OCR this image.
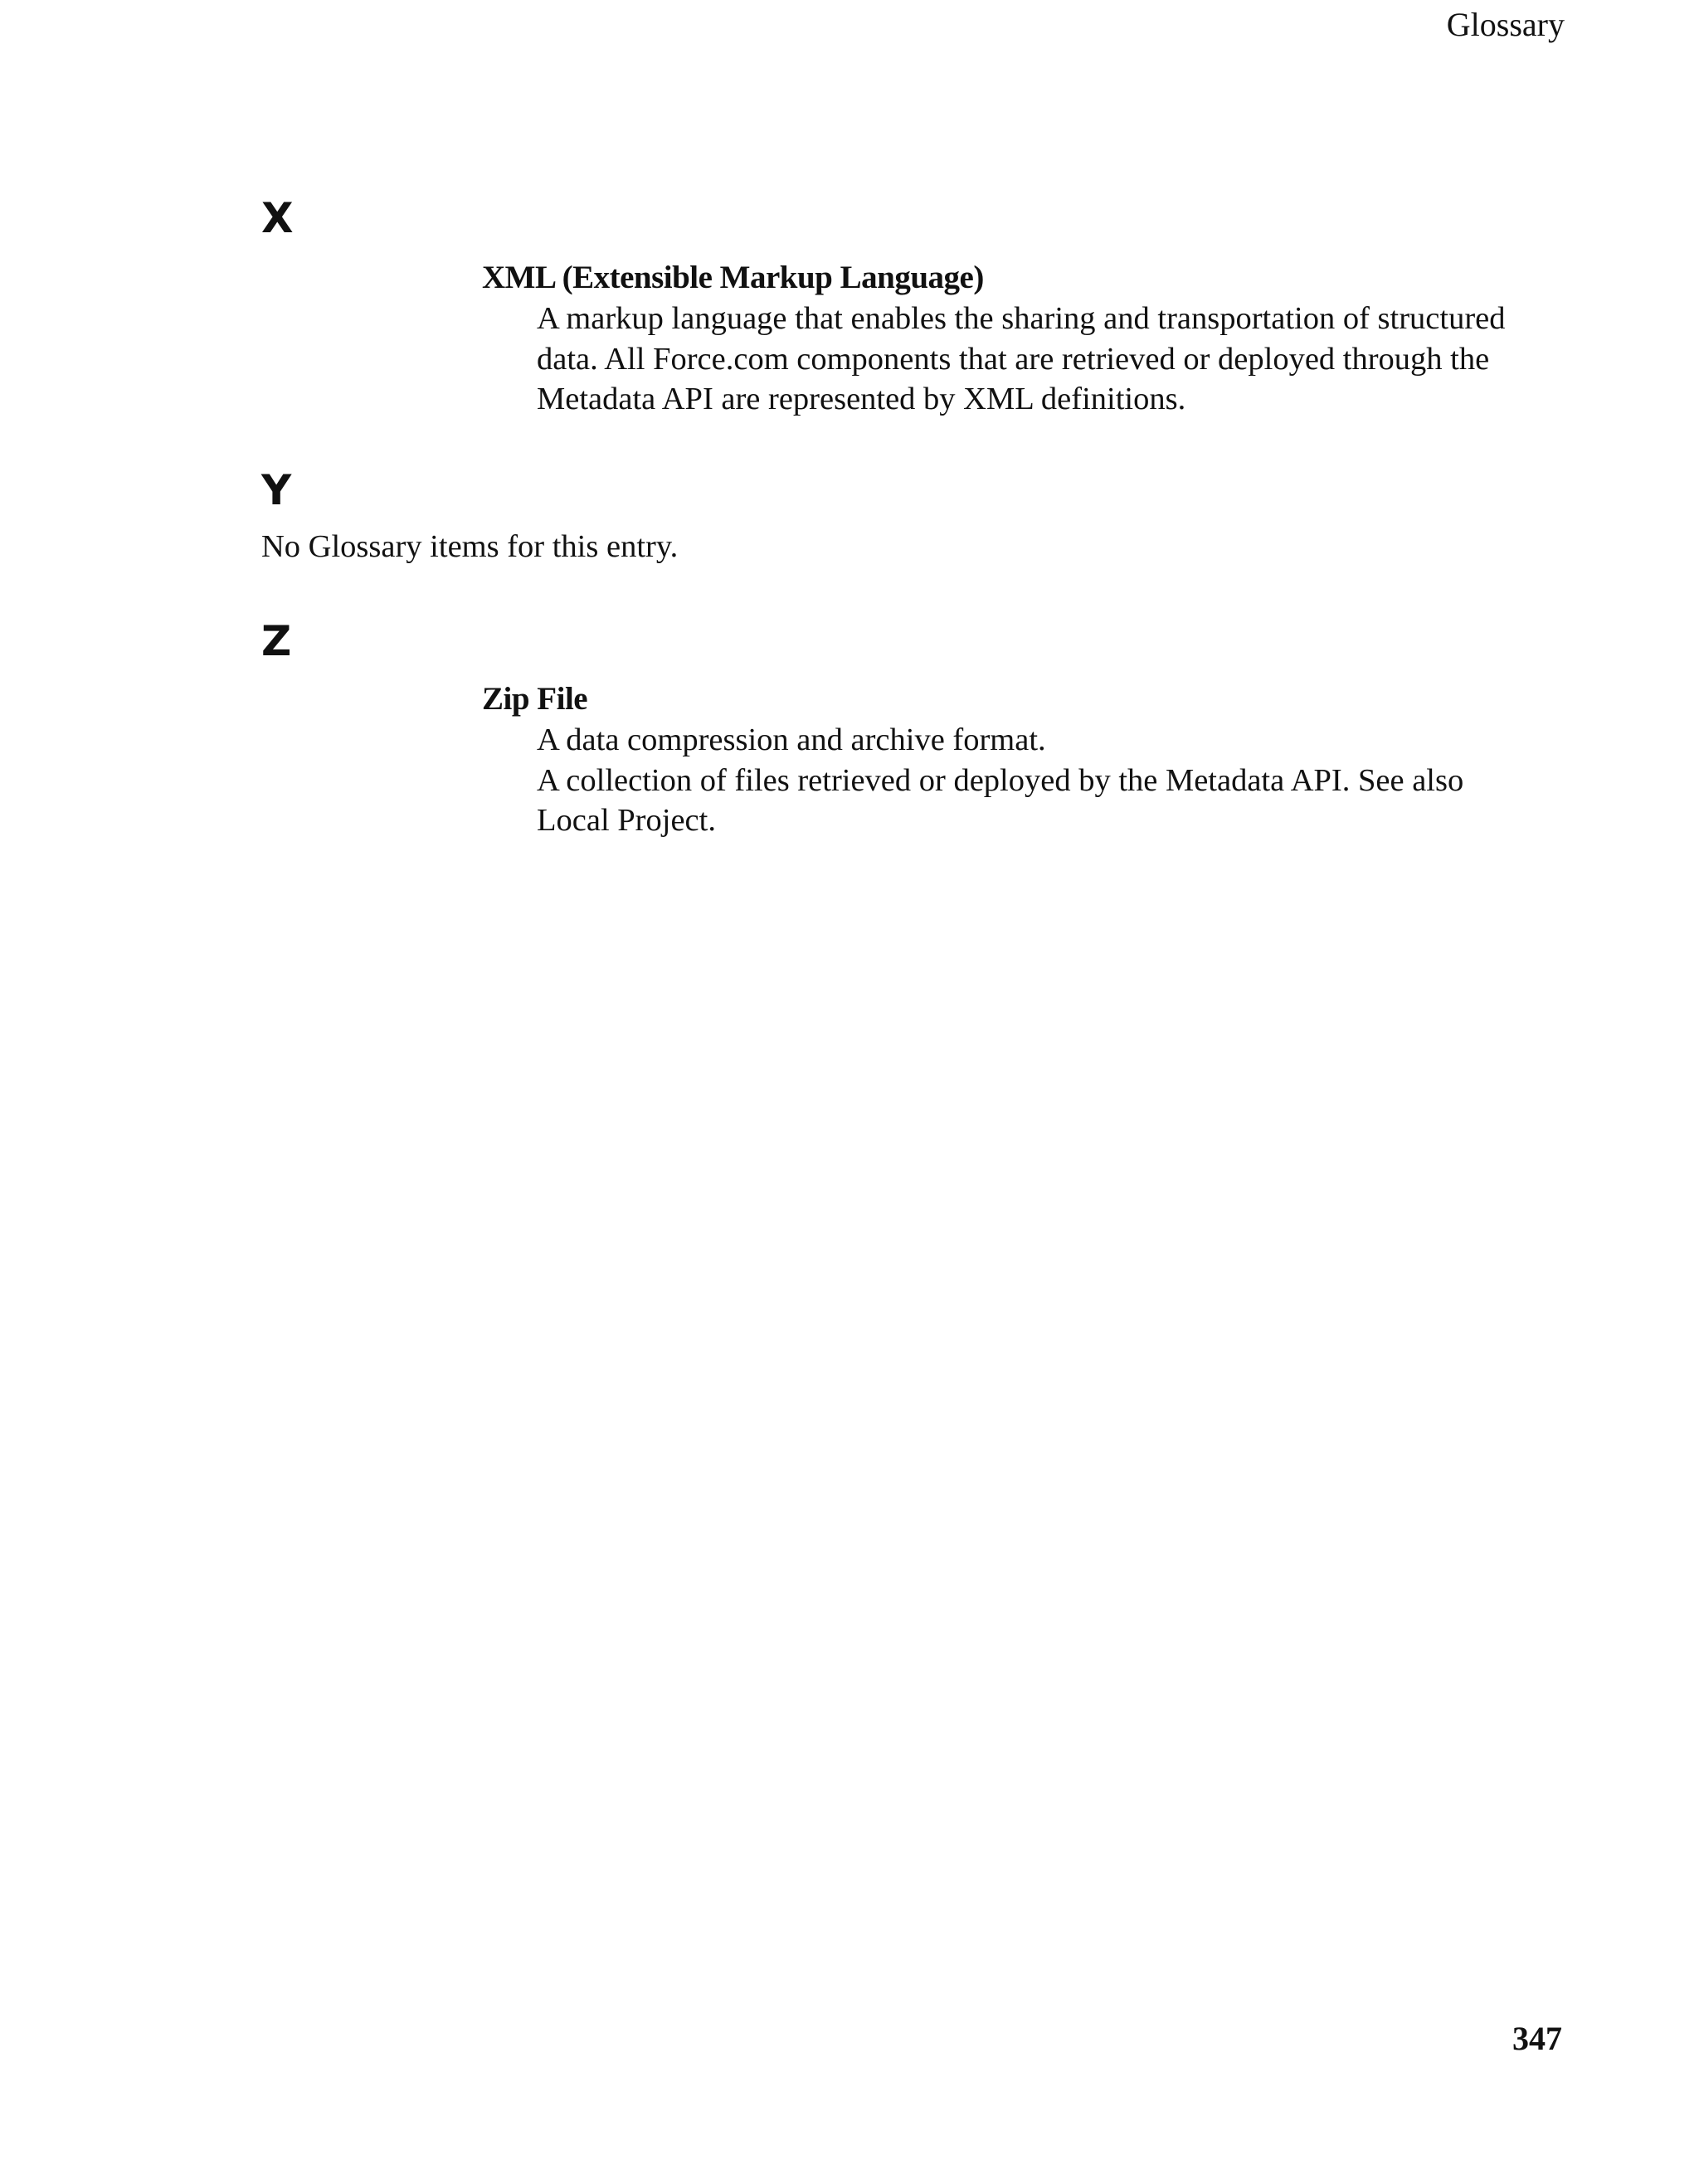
Glossary
X
XML (Extensible Markup Language)

A markup language that enables the sharing and transportation of structured data. All Force.com components that are retrieved or deployed through the Metadata API are represented by XML definitions.

Y
No Glossary items for this entry.
Z
Zip File

A data compression and archive format.

A collection of files retrieved or deployed by the Metadata API. See also Local Project.

347
